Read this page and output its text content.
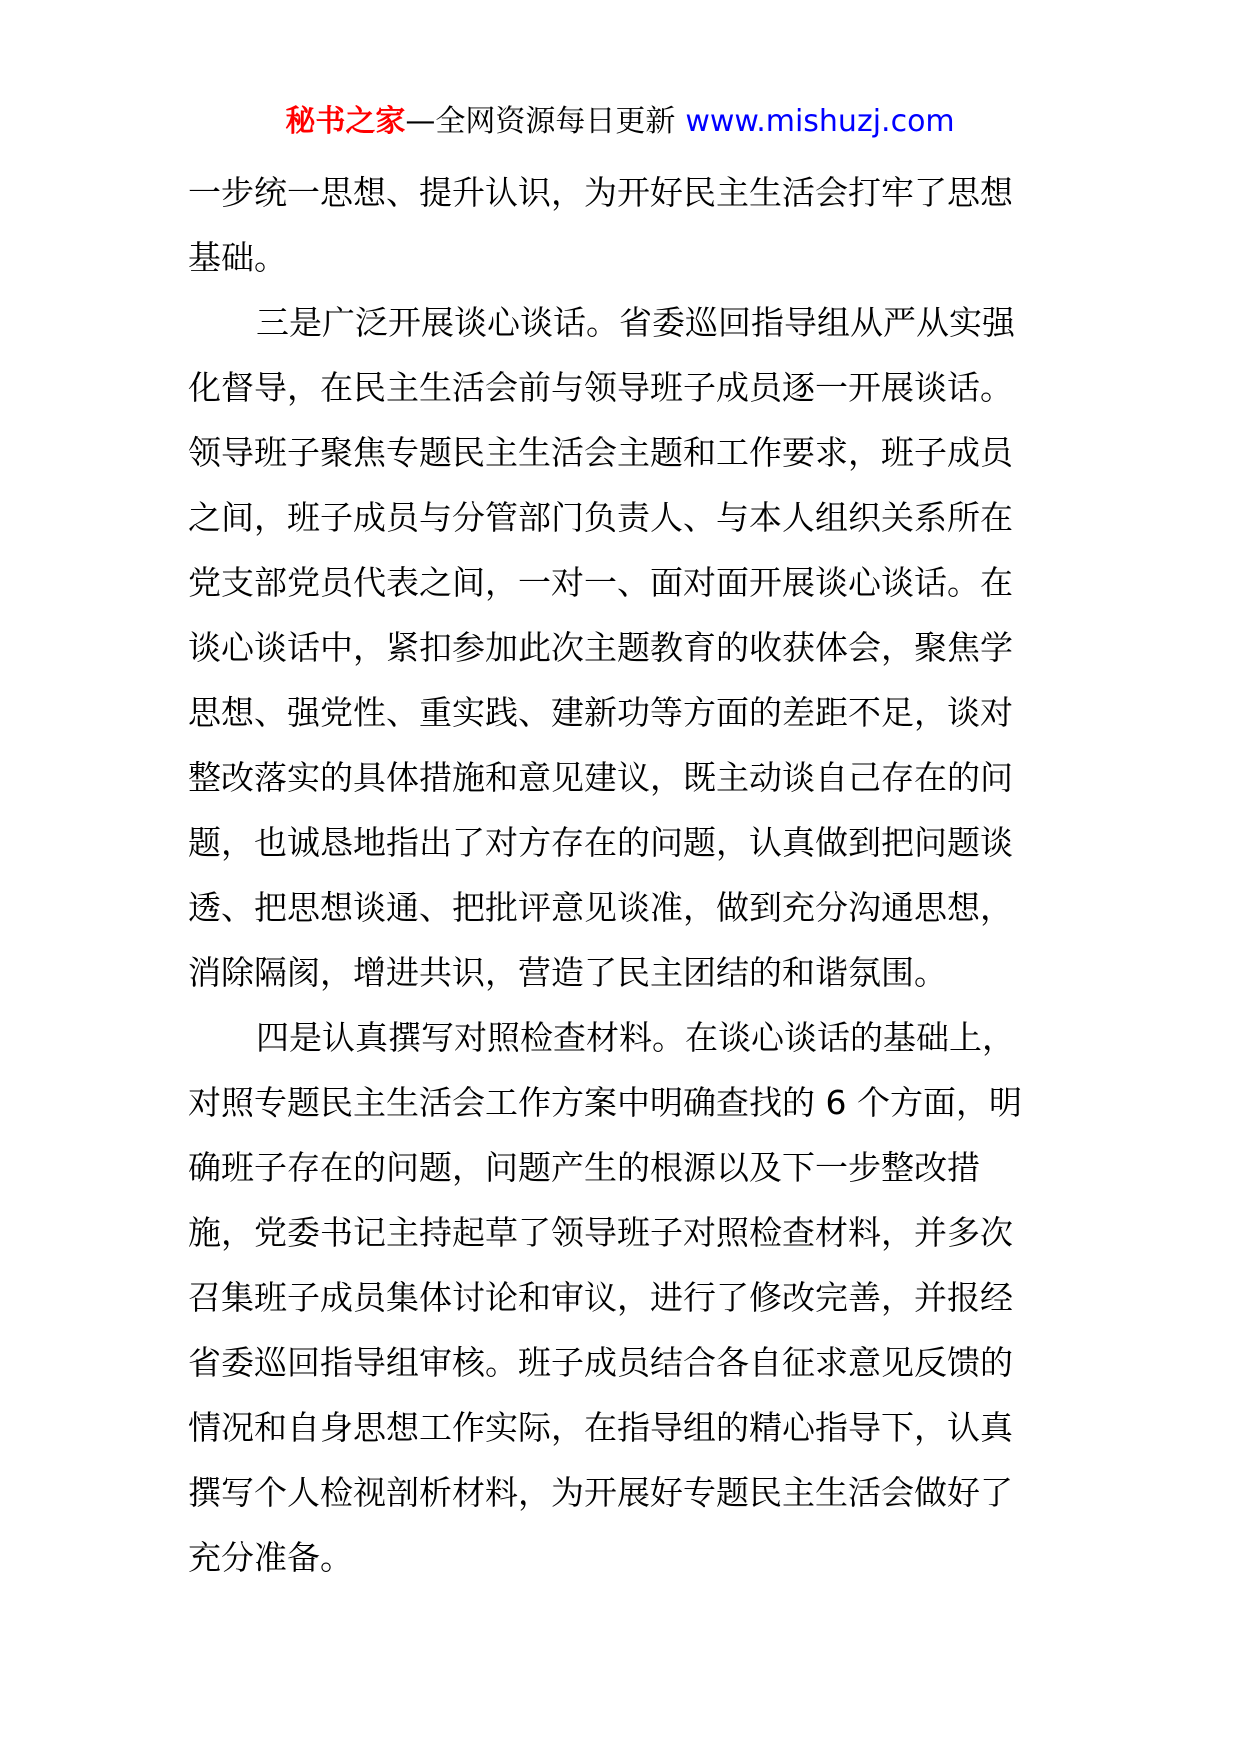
秘书之家—全网资源每日更新 www.mishuzj.com
一步统一思想、提升认识，为开好民主生活会打牢了思想
基础。
三是广泛开展谈心谈话。省委巡回指导组从严从实强
化督导，在民主生活会前与领导班子成员逐一开展谈话。
领导班子聚焦专题民主生活会主题和工作要求，班子成员
之间，班子成员与分管部门负责人、与本人组织关系所在
党支部党员代表之间，一对一、面对面开展谈心谈话。在
谈心谈话中，紧扣参加此次主题教育的收获体会，聚焦学
思想、强党性、重实践、建新功等方面的差距不足，谈对
整改落实的具体措施和意见建议，既主动谈自己存在的问
题，也诚恳地指出了对方存在的问题，认真做到把问题谈
透、把思想谈通、把批评意见谈准，做到充分沟通思想，
消除隔阂，增进共识，营造了民主团结的和谐氛围。
四是认真撰写对照检查材料。在谈心谈话的基础上，
对照专题民主生活会工作方案中明确查找的 6 个方面，明
确班子存在的问题，问题产生的根源以及下一步整改措
施，党委书记主持起草了领导班子对照检查材料，并多次
召集班子成员集体讨论和审议，进行了修改完善，并报经
省委巡回指导组审核。班子成员结合各自征求意见反馈的
情况和自身思想工作实际，在指导组的精心指导下，认真
撰写个人检视剖析材料，为开展好专题民主生活会做好了
充分准备。
